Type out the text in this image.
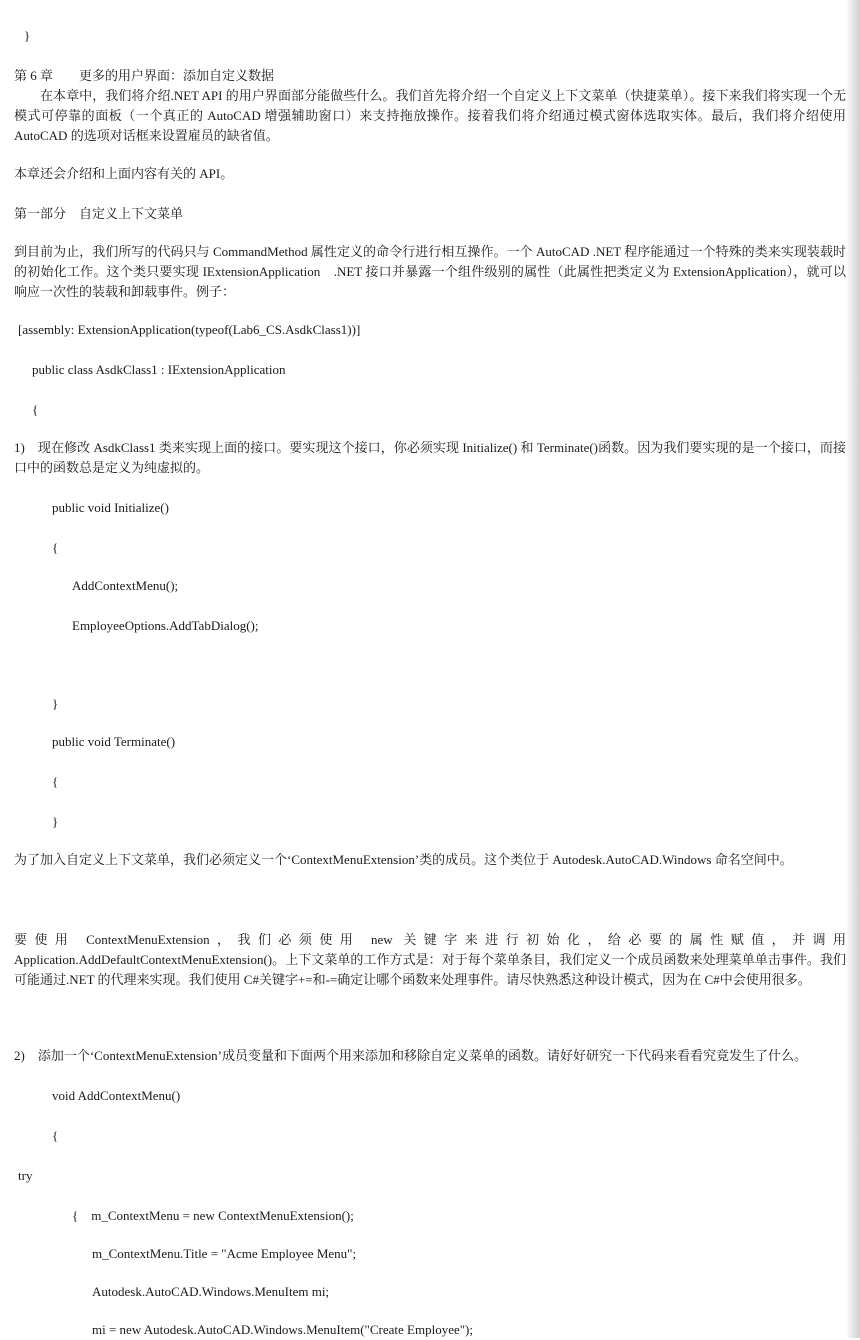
}

第 6 章　　更多的用户界面：添加自定义数据

在本章中，我们将介绍.NET API 的用户界面部分能做些什么。我们首先将介绍一个自定义上下文菜单（快捷菜单）。接下来我们将实现一个无模式可停靠的面板（一个真正的 AutoCAD 增强辅助窗口）来支持拖放操作。接着我们将介绍通过模式窗体选取实体。最后，我们将介绍使用 AutoCAD 的选项对话框来设置雇员的缺省值。

本章还会介绍和上面内容有关的 API。

第一部分　自定义上下文菜单

到目前为止，我们所写的代码只与 CommandMethod 属性定义的命令行进行相互操作。一个 AutoCAD .NET 程序能通过一个特殊的类来实现装载时的初始化工作。这个类只要实现 IExtensionApplication　.NET 接口并暴露一个组件级别的属性（此属性把类定义为 ExtensionApplication），就可以响应一次性的装载和卸载事件。例子：

[assembly: ExtensionApplication(typeof(Lab6_CS.AsdkClass1))]

public class AsdkClass1 : IExtensionApplication

{

1)　现在修改 AsdkClass1 类来实现上面的接口。要实现这个接口，你必须实现 Initialize() 和 Terminate()函数。因为我们要实现的是一个接口，而接口中的函数总是定义为纯虚拟的。

public void Initialize()

{

AddContextMenu();

EmployeeOptions.AddTabDialog();

}

public void Terminate()

{

}

为了加入自定义上下文菜单，我们必须定义一个‘ContextMenuExtension’类的成员。这个类位于 Autodesk.AutoCAD.Windows 命名空间中。

要使用 ContextMenuExtension，我们必须使用 new 关键字来进行初始化，给必要的属性赋值，并调用 Application.AddDefaultContextMenuExtension()。上下文菜单的工作方式是：对于每个菜单条目，我们定义一个成员函数来处理菜单单击事件。我们可能通过.NET 的代理来实现。我们使用 C#关键字+=和-=确定让哪个函数来处理事件。请尽快熟悉这种设计模式，因为在 C#中会使用很多。

2)　添加一个‘ContextMenuExtension’成员变量和下面两个用来添加和移除自定义菜单的函数。请好好研究一下代码来看看究竟发生了什么。

void AddContextMenu()

{

try

{　m_ContextMenu = new ContextMenuExtension();

m_ContextMenu.Title = "Acme Employee Menu";

Autodesk.AutoCAD.Windows.MenuItem mi;

mi = new Autodesk.AutoCAD.Windows.MenuItem("Create Employee");
